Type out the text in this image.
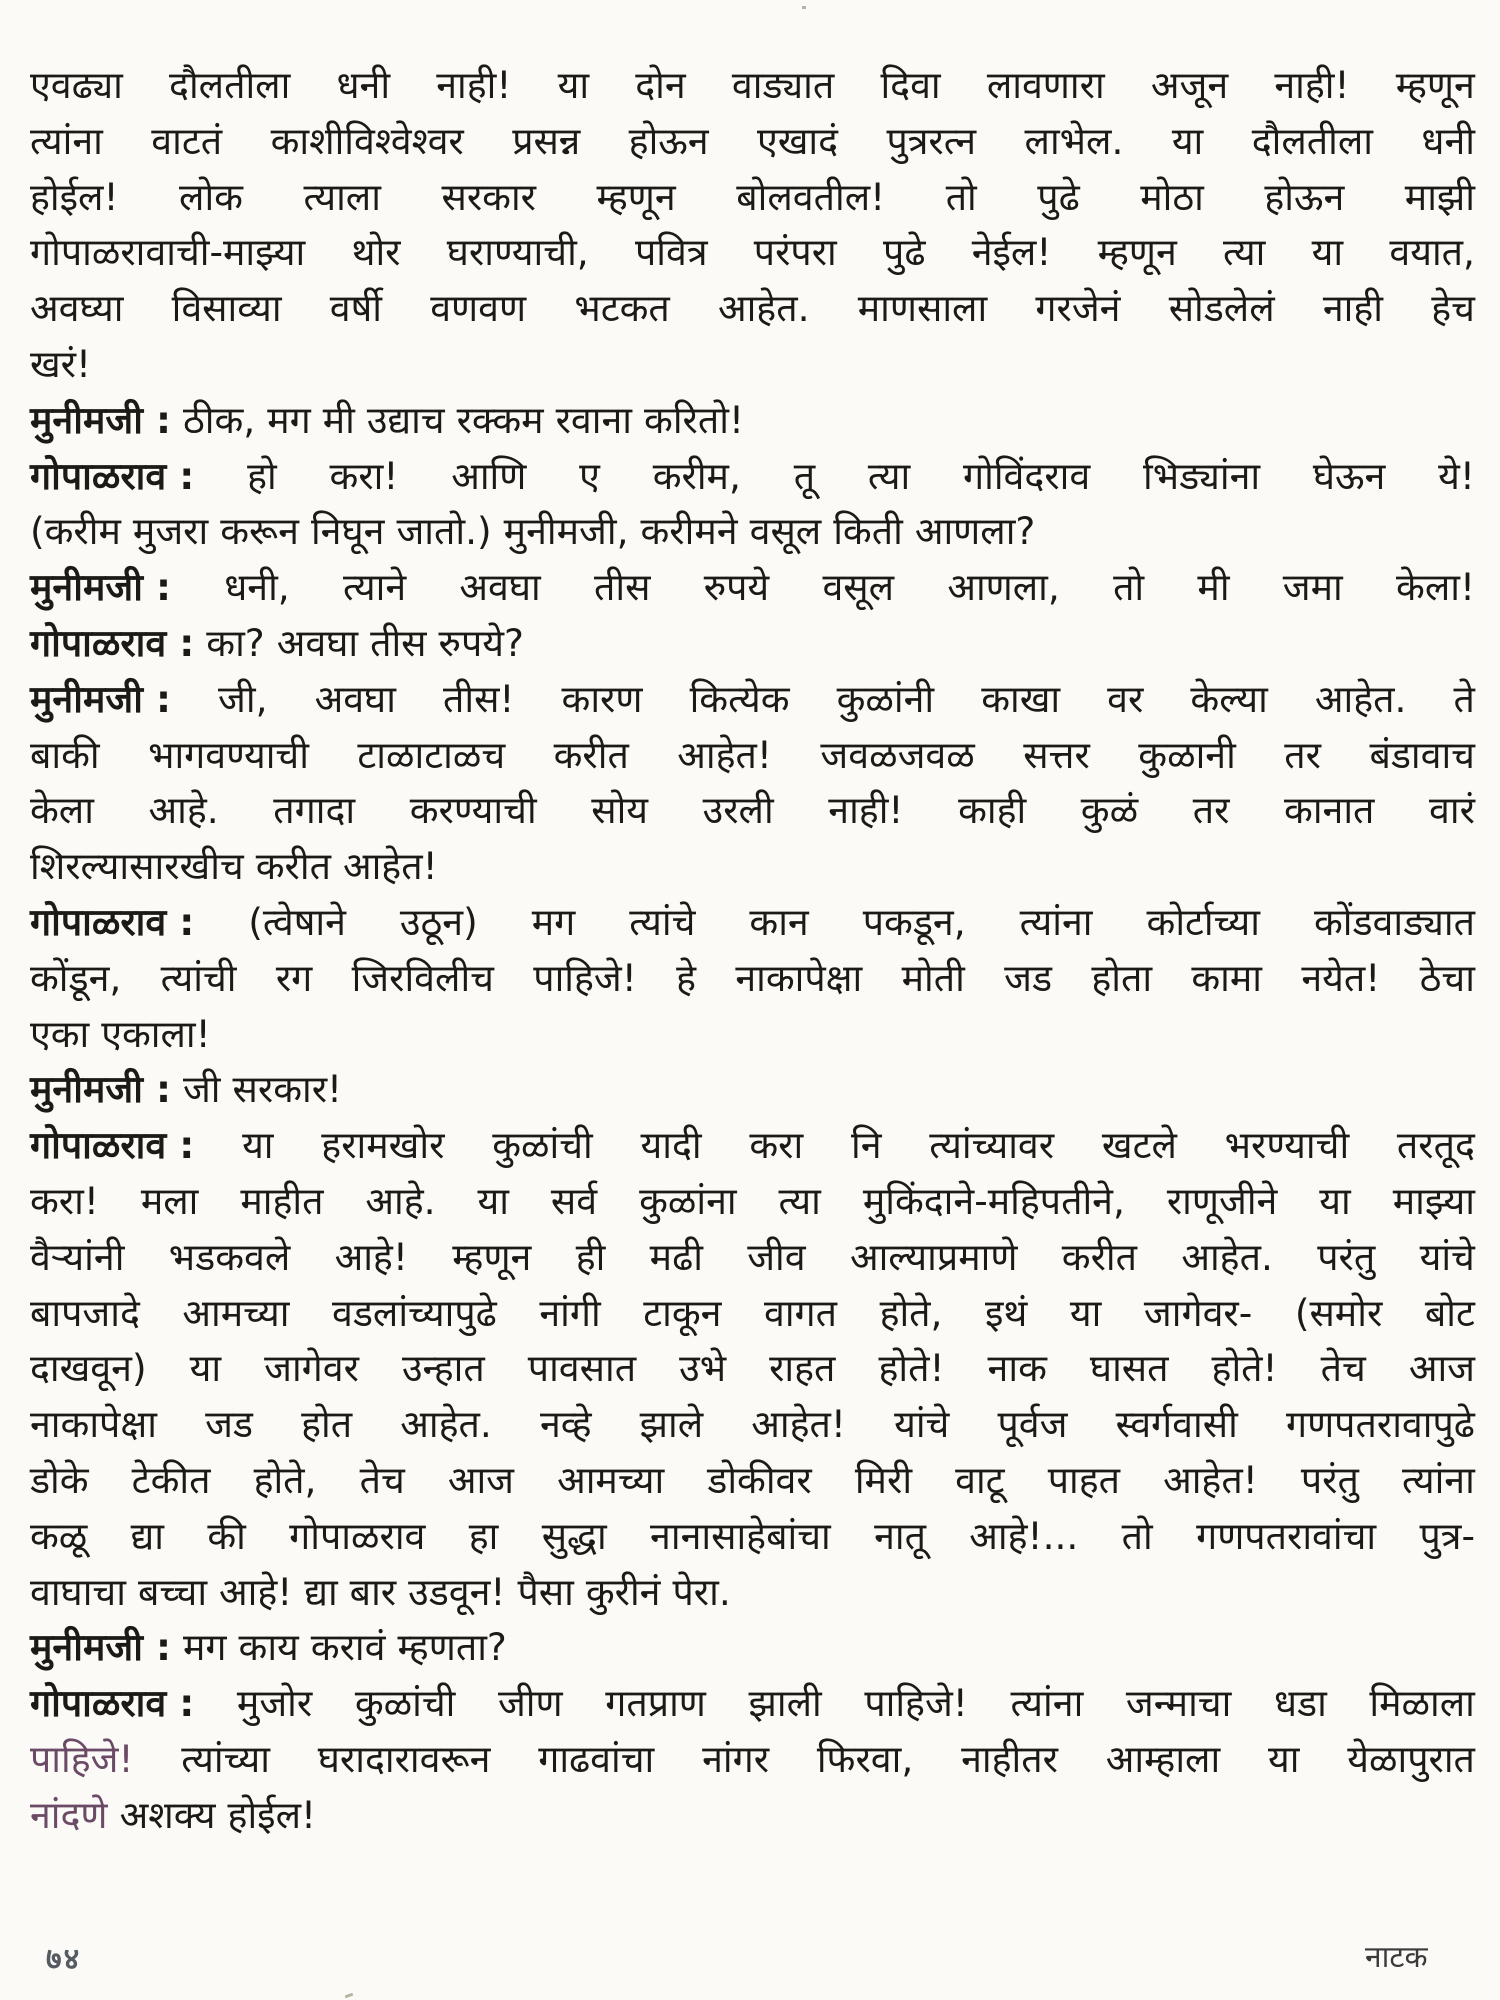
एवढ्या दौलतीला धनी नाही! या दोन वाड्यात दिवा लावणारा अजून नाही! म्हणून
त्यांना वाटतं काशीविश्वेश्वर प्रसन्न होऊन एखादं पुत्ररत्न लाभेल. या दौलतीला धनी
होईल! लोक त्याला सरकार म्हणून बोलवतील! तो पुढे मोठा होऊन माझी
गोपाळरावाची-माझ्या थोर घराण्याची, पवित्र परंपरा पुढे नेईल! म्हणून त्या या वयात,
अवघ्या विसाव्या वर्षी वणवण भटकत आहेत. माणसाला गरजेनं सोडलेलं नाही हेच
खरं!
मुनीमजी : ठीक, मग मी उद्याच रक्कम रवाना करितो!
गोपाळराव : हो करा! आणि ए करीम, तू त्या गोविंदराव भिड्यांना घेऊन ये!
(करीम मुजरा करून निघून जातो.) मुनीमजी, करीमने वसूल किती आणला?
मुनीमजी : धनी, त्याने अवघा तीस रुपये वसूल आणला, तो मी जमा केला!
गोपाळराव : का? अवघा तीस रुपये?
मुनीमजी : जी, अवघा तीस! कारण कित्येक कुळांनी काखा वर केल्या आहेत. ते
बाकी भागवण्याची टाळाटाळच करीत आहेत! जवळजवळ सत्तर कुळानी तर बंडावाच
केला आहे. तगादा करण्याची सोय उरली नाही! काही कुळं तर कानात वारं
शिरल्यासारखीच करीत आहेत!
गोपाळराव : (त्वेषाने उठून) मग त्यांचे कान पकडून, त्यांना कोर्टाच्या कोंडवाड्यात
कोंडून, त्यांची रग जिरविलीच पाहिजे! हे नाकापेक्षा मोती जड होता कामा नयेत! ठेचा
एका एकाला!
मुनीमजी : जी सरकार!
गोपाळराव : या हरामखोर कुळांची यादी करा नि त्यांच्यावर खटले भरण्याची तरतूद
करा! मला माहीत आहे. या सर्व कुळांना त्या मुकिंदाने-महिपतीने, राणूजीने या माझ्या
वैऱ्यांनी भडकवले आहे! म्हणून ही मढी जीव आल्याप्रमाणे करीत आहेत. परंतु यांचे
बापजादे आमच्या वडलांच्यापुढे नांगी टाकून वागत होते, इथं या जागेवर- (समोर बोट
दाखवून) या जागेवर उन्हात पावसात उभे राहत होते! नाक घासत होते! तेच आज
नाकापेक्षा जड होत आहेत. नव्हे झाले आहेत! यांचे पूर्वज स्वर्गवासी गणपतरावापुढे
डोके टेकीत होते, तेच आज आमच्या डोकीवर मिरी वाटू पाहत आहेत! परंतु त्यांना
कळू द्या की गोपाळराव हा सुद्धा नानासाहेबांचा नातू आहे!... तो गणपतरावांचा पुत्र-
वाघाचा बच्चा आहे! द्या बार उडवून! पैसा कुरीनं पेरा.
मुनीमजी : मग काय करावं म्हणता?
गोपाळराव : मुजोर कुळांची जीण गतप्राण झाली पाहिजे! त्यांना जन्माचा धडा मिळाला
पाहिजे! त्यांच्या घरादारावरून गाढवांचा नांगर फिरवा, नाहीतर आम्हाला या येळापुरात
नांदणे अशक्य होईल!
७४	नाटक
